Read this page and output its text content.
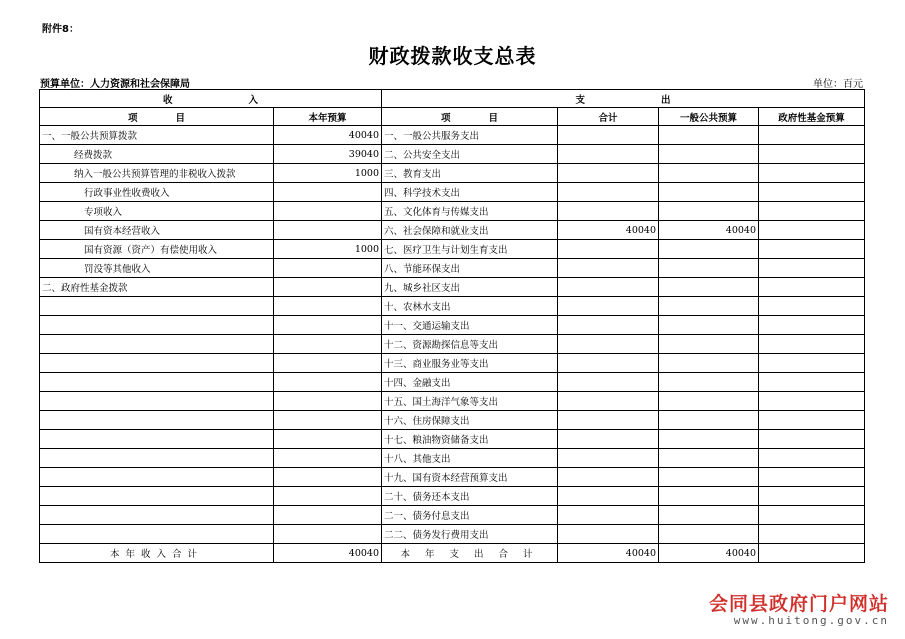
附件8：
财政拨款收支总表
预算单位：人力资源和社会保障局	单位：百元
收　　　　　　　　入		支　　　　　　　　出			
项　　　　目	本年预算	项　　　　目	合计	一般公共预算	政府性基金预算
一、一般公共预算拨款	40040	一、一般公共服务支出			
经费拨款	39040	二、公共安全支出			
纳入一般公共预算管理的非税收入拨款	1000	三、教育支出			
行政事业性收费收入		四、科学技术支出			
专项收入		五、文化体育与传媒支出			
国有资本经营收入		六、社会保障和就业支出	40040	40040	
国有资源（资产）有偿使用收入	1000	七、医疗卫生与计划生育支出			
罚没等其他收入		八、节能环保支出			
二、政府性基金拨款		九、城乡社区支出			
		十、农林水支出			
		十一、交通运输支出			
		十二、资源勘探信息等支出			
		十三、商业服务业等支出			
		十四、金融支出			
		十五、国土海洋气象等支出			
		十六、住房保障支出			
		十七、粮油物资储备支出			
		十八、其他支出			
		十九、国有资本经营预算支出			
		二十、债务还本支出			
		二一、债务付息支出			
		二二、债务发行费用支出			
本年收入合计	40040	本 年 支 出 合 计	40040	40040	
会同县政府门户网站
www.huitong.gov.cn
